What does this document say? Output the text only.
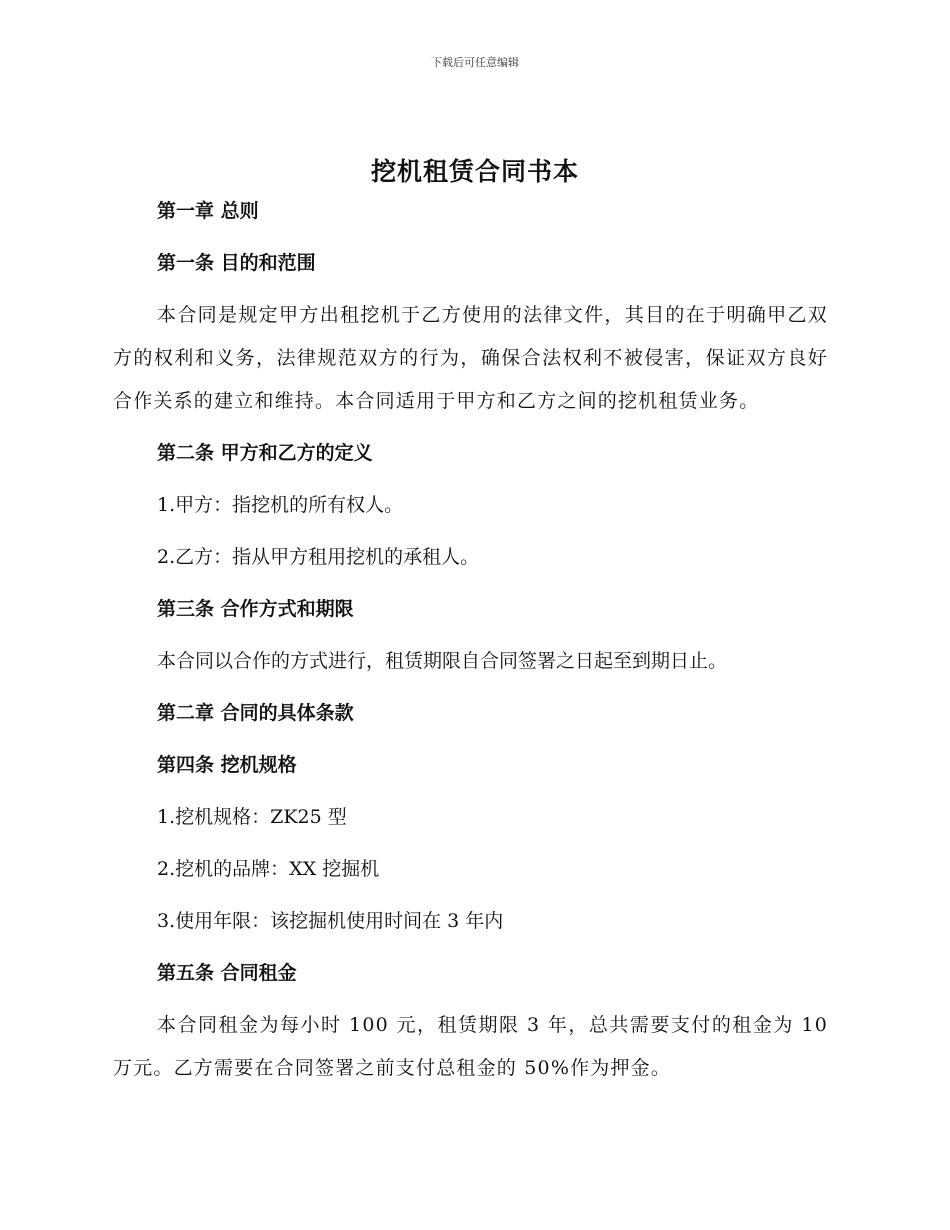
下载后可任意编辑
挖机租赁合同书本
第一章 总则
第一条 目的和范围
本合同是规定甲方出租挖机于乙方使用的法律文件，其目的在于明确甲乙双方的权利和义务，法律规范双方的行为，确保合法权利不被侵害，保证双方良好合作关系的建立和维持。本合同适用于甲方和乙方之间的挖机租赁业务。
第二条 甲方和乙方的定义
1.甲方：指挖机的所有权人。
2.乙方：指从甲方租用挖机的承租人。
第三条 合作方式和期限
本合同以合作的方式进行，租赁期限自合同签署之日起至到期日止。
第二章 合同的具体条款
第四条 挖机规格
1.挖机规格：ZK25 型
2.挖机的品牌：XX 挖掘机
3.使用年限：该挖掘机使用时间在 3 年内
第五条 合同租金
本合同租金为每小时 100 元，租赁期限 3 年，总共需要支付的租金为 10 万元。乙方需要在合同签署之前支付总租金的 50%作为押金。
